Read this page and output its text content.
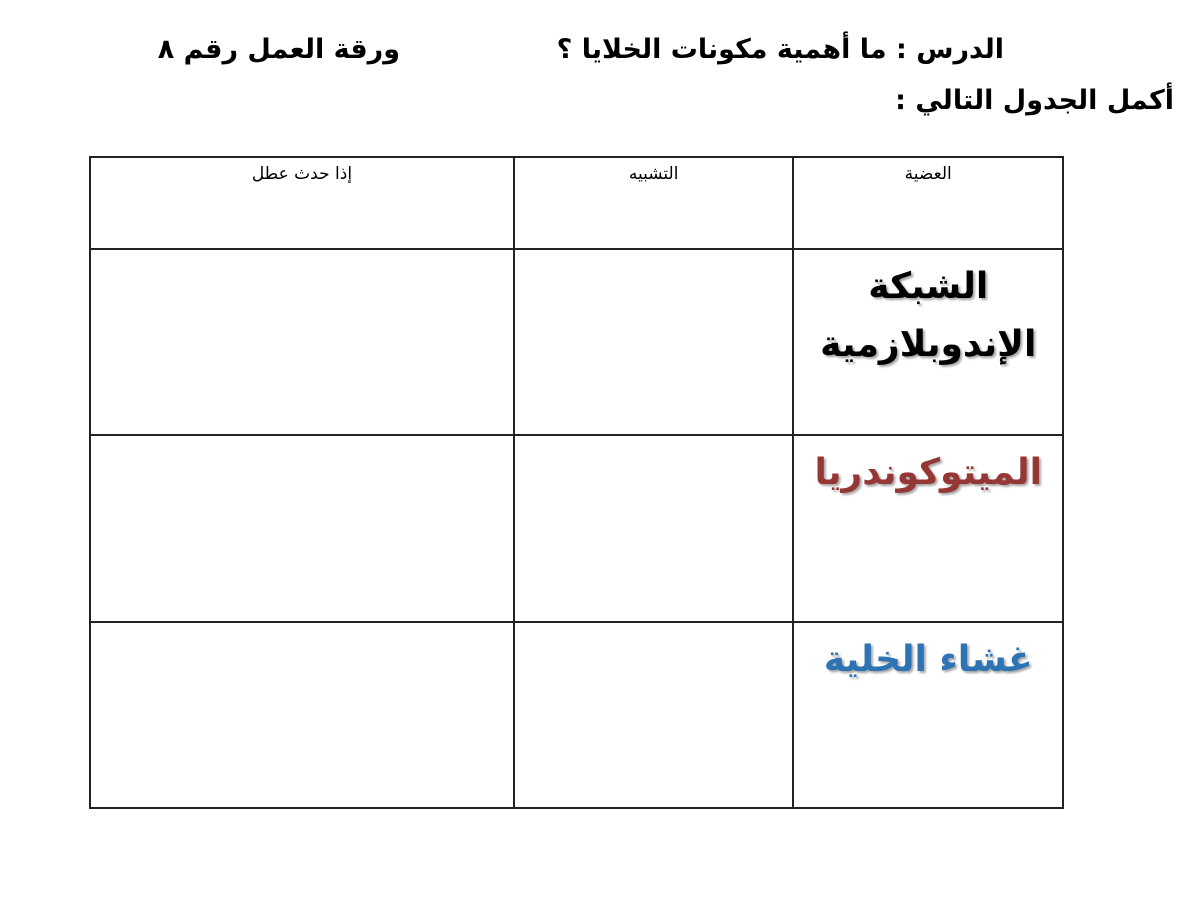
الدرس : ما أهمية مكونات الخلايا ؟
ورقة العمل رقم ٨
أكمل الجدول التالي :
إذا حدث عطل	التشبيه	العضية
		الشبكة الإندوبلازمية
		الميتوكوندريا
		غشاء الخلية
